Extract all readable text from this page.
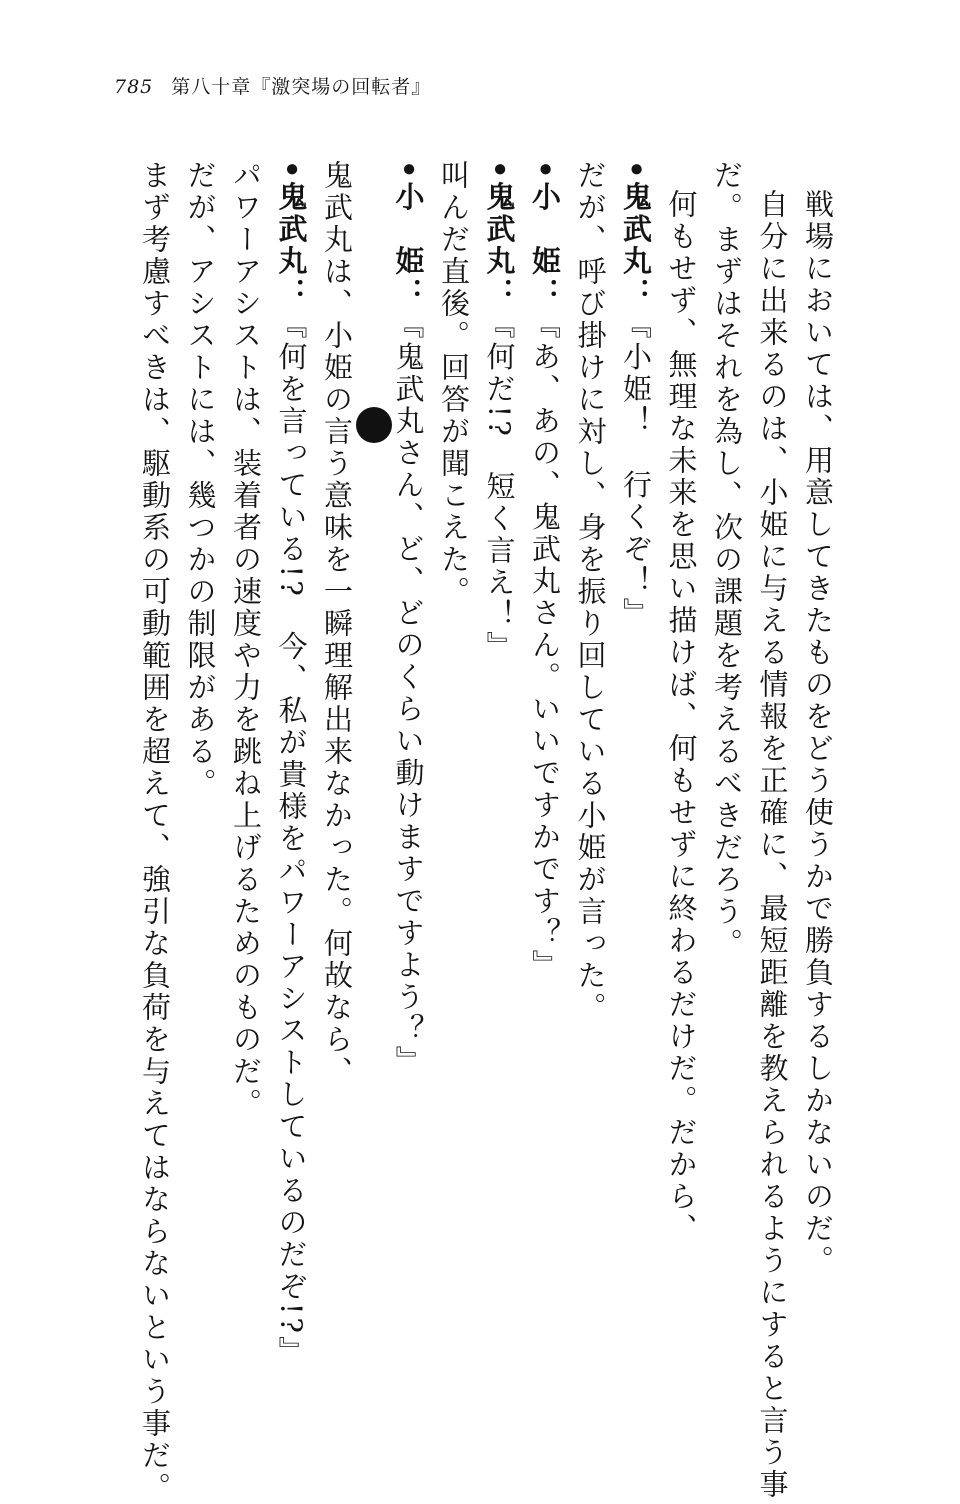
785 第八十章『激突場の回転者』
戦場においては、用意してきたものをどう使うかで勝負するしかないのだ。
自分に出来るのは、小姫に与える情報を正確に、最短距離を教えられるようにすると言う事
だ。まずはそれを為し、次の課題を考えるべきだろう。
何もせず、無理な未来を思い描けば、何もせずに終わるだけだ。だから、
•鬼武丸：『小姫！　行くぞ！』
だが、呼び掛けに対し、身を振り回している小姫が言った。
•小　姫：『あ、あの、鬼武丸さん。いいですかです？』
•鬼武丸：『何だ!?　短く言え！』
叫んだ直後。回答が聞こえた。
•小　姫：『鬼武丸さん、ど、どのくらい動けますですよう？』
鬼武丸は、小姫の言う意味を一瞬理解出来なかった。何故なら、
•鬼武丸：『何を言っている!?　今、私が貴様をパワーアシストしているのだぞ!?』
パワーアシストは、装着者の速度や力を跳ね上げるためのものだ。
だが、アシストには、幾つかの制限がある。
まず考慮すべきは、駆動系の可動範囲を超えて、強引な負荷を与えてはならないという事だ。
